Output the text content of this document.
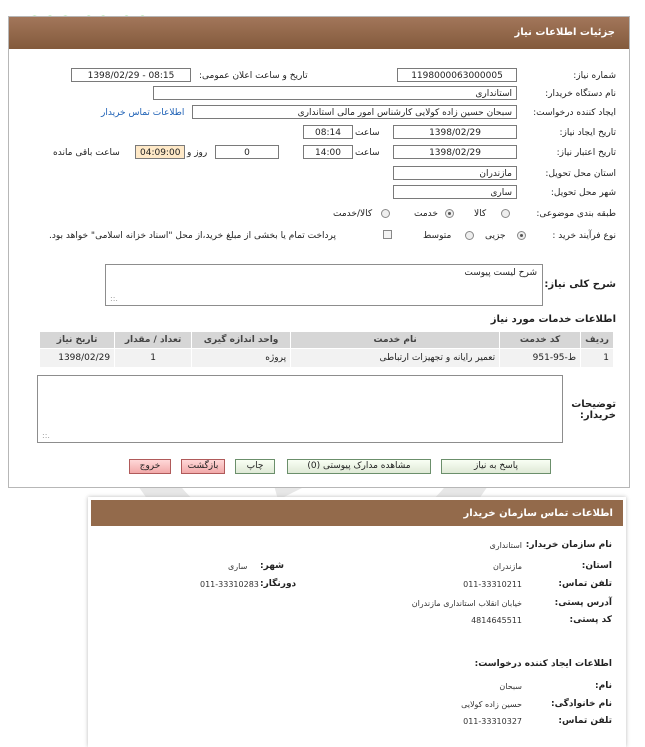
جزئیات اطلاعات نیاز
شماره نیاز:
1198000063000005
تاریخ و ساعت اعلان عمومی:
1398/02/29 - 08:15
نام دستگاه خریدار:
استانداری
ایجاد کننده درخواست:
سبحان حسین زاده کولایی کارشناس امور مالی استانداری
اطلاعات تماس خریدار
تاریخ ایجاد نیاز:
1398/02/29
ساعت
08:14
تاریخ اعتبار نیاز:
1398/02/29
ساعت
14:00
0
روز و
04:09:00
ساعت باقی مانده
استان محل تحویل:
مازندران
شهر محل تحویل:
ساری
طبقه بندی موضوعی:
کالا
خدمت
کالا/خدمت
نوع فرآیند خرید :
جزیی
متوسط
پرداخت تمام یا بخشی از مبلغ خرید،از محل "اسناد خزانه اسلامی" خواهد بود.
شرح کلی نیاز:
شرح لیست پیوست
.::
اطلاعات خدمات مورد نیاز
ردیف	کد خدمت	نام خدمت	واحد اندازه گیری	تعداد / مقدار	تاریخ نیاز
1	ط-95-951	تعمیر رایانه و تجهیزات ارتباطی	پروژه	1	1398/02/29
توضیحات خریدار:
.::
پاسخ به نیاز
مشاهده مدارک پیوستی (0)
چاپ
بازگشت
خروج
اطلاعات تماس سازمان خریدار
نام سازمان خریدار:
استانداری
استان:
مازندران
شهر:
ساری
تلفن تماس:
011-33310211
دورنگار:
011-33310283
آدرس پستی:
خیابان انقلاب استانداری مازندران
کد پستی:
4814645511
اطلاعات ایجاد کننده درخواست:
نام:
سبحان
نام خانوادگی:
حسین زاده کولایی
تلفن تماس:
011-33310327
